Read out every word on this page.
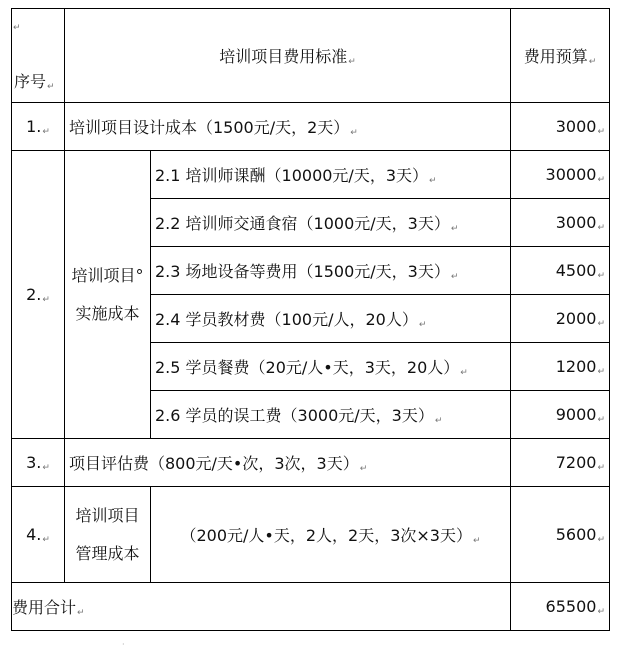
↵
序号 ↵	培训项目费用标准 ↵		费用预算 ↵
1. ↵	培训项目设计成本（1500元/天，2天） ↵		3000 ↵
2. ↵	培训项目°
实施成本	2.1 培训师课酬（10000元/天，3天） ↵	30000 ↵
		2.2 培训师交通食宿（1000元/天，3天） ↵	3000 ↵
		2.3 场地设备等费用（1500元/天，3天） ↵	4500 ↵
		2.4 学员教材费（100元/人，20人） ↵	2000 ↵
		2.5 学员餐费（20元/人•天，3天，20人） ↵	1200 ↵
		2.6 学员的误工费（3000元/天，3天） ↵	9000 ↵
3. ↵	项目评估费（800元/天•次，3次，3天） ↵		7200 ↵
4. ↵	培训项目
管理成本	（200元/人•天，2人，2天，3次×3天） ↵	5600 ↵
费用合计 ↵			65500 ↵
·
